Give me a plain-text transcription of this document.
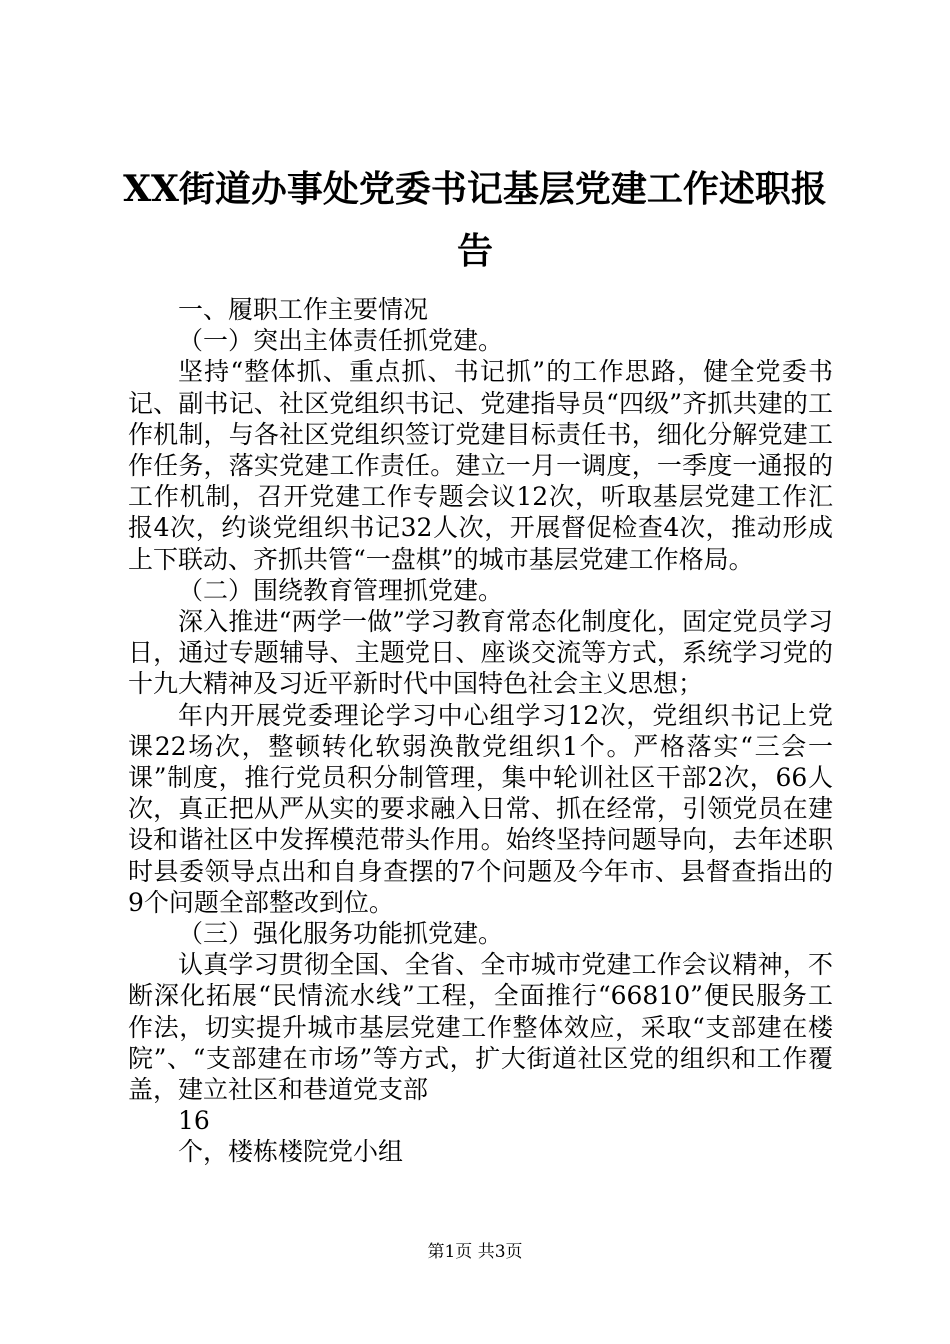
XX街道办事处党委书记基层党建工作述职报告

一、履职工作主要情况

（一）突出主体责任抓党建。

坚持“整体抓、重点抓、书记抓”的工作思路，健全党委书记、副书记、社区党组织书记、党建指导员“四级”齐抓共建的工作机制，与各社区党组织签订党建目标责任书，细化分解党建工作任务，落实党建工作责任。建立一月一调度，一季度一通报的工作机制，召开党建工作专题会议12次，听取基层党建工作汇报4次，约谈党组织书记32人次，开展督促检查4次，推动形成上下联动、齐抓共管“一盘棋”的城市基层党建工作格局。

（二）围绕教育管理抓党建。

深入推进“两学一做”学习教育常态化制度化，固定党员学习日，通过专题辅导、主题党日、座谈交流等方式，系统学习党的十九大精神及习近平新时代中国特色社会主义思想；

年内开展党委理论学习中心组学习12次，党组织书记上党课22场次，整顿转化软弱涣散党组织1个。严格落实“三会一课”制度，推行党员积分制管理，集中轮训社区干部2次，66人次，真正把从严从实的要求融入日常、抓在经常，引领党员在建设和谐社区中发挥模范带头作用。始终坚持问题导向，去年述职时县委领导点出和自身查摆的7个问题及今年市、县督查指出的9个问题全部整改到位。

（三）强化服务功能抓党建。

认真学习贯彻全国、全省、全市城市党建工作会议精神，不断深化拓展“民情流水线”工程，全面推行“66810”便民服务工作法，切实提升城市基层党建工作整体效应，采取“支部建在楼院”、“支部建在市场”等方式，扩大街道社区党的组织和工作覆盖，建立社区和巷道党支部

16

个，楼栋楼院党小组

第1页 共3页
